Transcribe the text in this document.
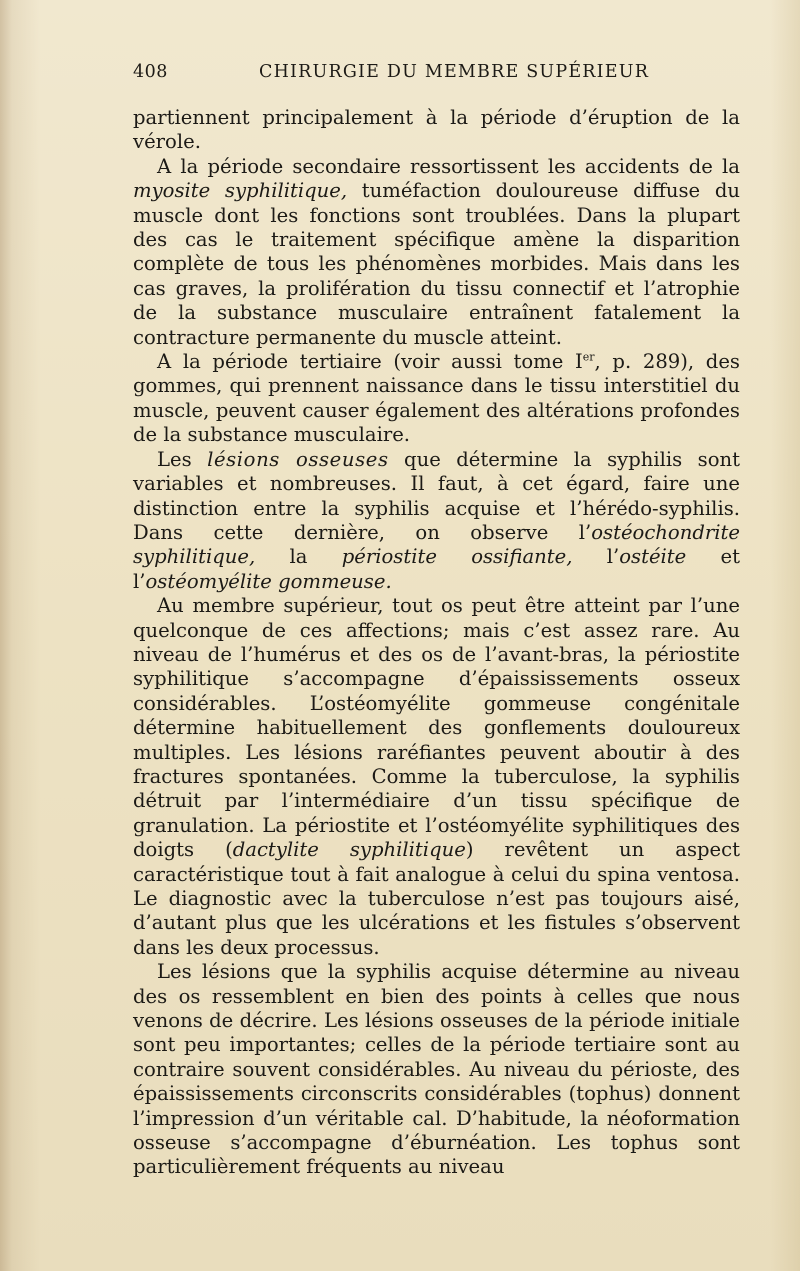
408	CHIRURGIE DU MEMBRE SUPÉRIEUR

partiennent principalement à la période d’éruption de la vérole.

A la période secondaire ressortissent les accidents de la myosite syphilitique, tuméfaction douloureuse diffuse du muscle dont les fonctions sont troublées. Dans la plupart des cas le traitement spécifique amène la disparition complète de tous les phénomènes morbides. Mais dans les cas graves, la prolifération du tissu connectif et l’atrophie de la substance musculaire entraînent fatalement la contracture permanente du muscle atteint.

A la période tertiaire (voir aussi tome Ier, p. 289), des gommes, qui prennent naissance dans le tissu interstitiel du muscle, peuvent causer également des altérations profondes de la substance musculaire.

Les lésions osseuses que détermine la syphilis sont variables et nombreuses. Il faut, à cet égard, faire une distinction entre la syphilis acquise et l’hérédo-syphilis. Dans cette dernière, on observe l’ostéochondrite syphilitique, la périostite ossifiante, l’ostéite et l’ostéomyélite gommeuse.

Au membre supérieur, tout os peut être atteint par l’une quelconque de ces affections; mais c’est assez rare. Au niveau de l’humérus et des os de l’avant-bras, la périostite syphilitique s’accompagne d’épaississements osseux considérables. L’ostéomyélite gommeuse congénitale détermine habituellement des gonflements douloureux multiples. Les lésions raréfiantes peuvent aboutir à des fractures spontanées. Comme la tuberculose, la syphilis détruit par l’intermédiaire d’un tissu spécifique de granulation. La périostite et l’ostéomyélite syphilitiques des doigts (dactylite syphilitique) revêtent un aspect caractéristique tout à fait analogue à celui du spina ventosa. Le diagnostic avec la tuberculose n’est pas toujours aisé, d’autant plus que les ulcérations et les fistules s’observent dans les deux processus.

Les lésions que la syphilis acquise détermine au niveau des os ressemblent en bien des points à celles que nous venons de décrire. Les lésions osseuses de la période initiale sont peu importantes; celles de la période tertiaire sont au contraire souvent considérables. Au niveau du périoste, des épaississements circonscrits considérables (tophus) donnent l’impression d’un véritable cal. D’habitude, la néoformation osseuse s’accompagne d’éburnéation. Les tophus sont particulièrement fréquents au niveau
